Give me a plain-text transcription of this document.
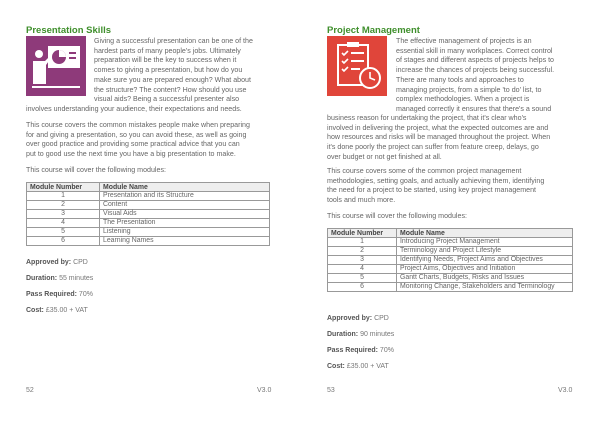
Presentation Skills
Giving a successful presentation can be one of the
hardest parts of many people's jobs. Ultimately
preparation will be the key to success when it
comes to giving a presentation, but how do you
make sure you are prepared enough? What about
the structure? The content? How should you use
visual aids? Being a successful presenter also
involves understanding your audience, their expectations and needs.
This course covers the common mistakes people make when preparing
for and giving a presentation, so you can avoid these, as well as going
over good practice and providing some practical advice that you can
put to good use the next time you have a big presentation to make.
This course will cover the following modules:
Module Number	Module Name
1	Presentation and its Structure
2	Content
3	Visual Aids
4	The Presentation
5	Listening
6	Learning Names
Approved by: CPD
Duration: 55 minutes
Pass Required: 70%
Cost: £35.00 + VAT
52	V3.0
Project Management
The effective management of projects is an
essential skill in many workplaces. Correct control
of stages and different aspects of projects helps to
increase the chances of projects being successful.
There are many tools and approaches to
managing projects, from a simple 'to do' list, to
complex methodologies. When a project is
managed correctly it ensures that there's a sound
business reason for undertaking the project, that it's clear who's
involved in delivering the project, what the expected outcomes are and
how resources and risks will be managed throughout the project. When
it's done poorly the project can suffer from feature creep, delays, go
over budget or not get finished at all.
This course covers some of the common project management
methodologies, setting goals, and actually achieving them, identifying
the need for a project to be started, using key project management
tools and much more.
This course will cover the following modules:
Module Number	Module Name
1	Introducing Project Management
2	Terminology and Project Lifestyle
3	Identifying Needs, Project Aims and Objectives
4	Project Aims, Objectives and Initiation
5	Gantt Charts, Budgets, Risks and Issues
6	Monitoring Change, Stakeholders and Terminology
Approved by: CPD
Duration: 90 minutes
Pass Required: 70%
Cost: £35.00 + VAT
53	V3.0
